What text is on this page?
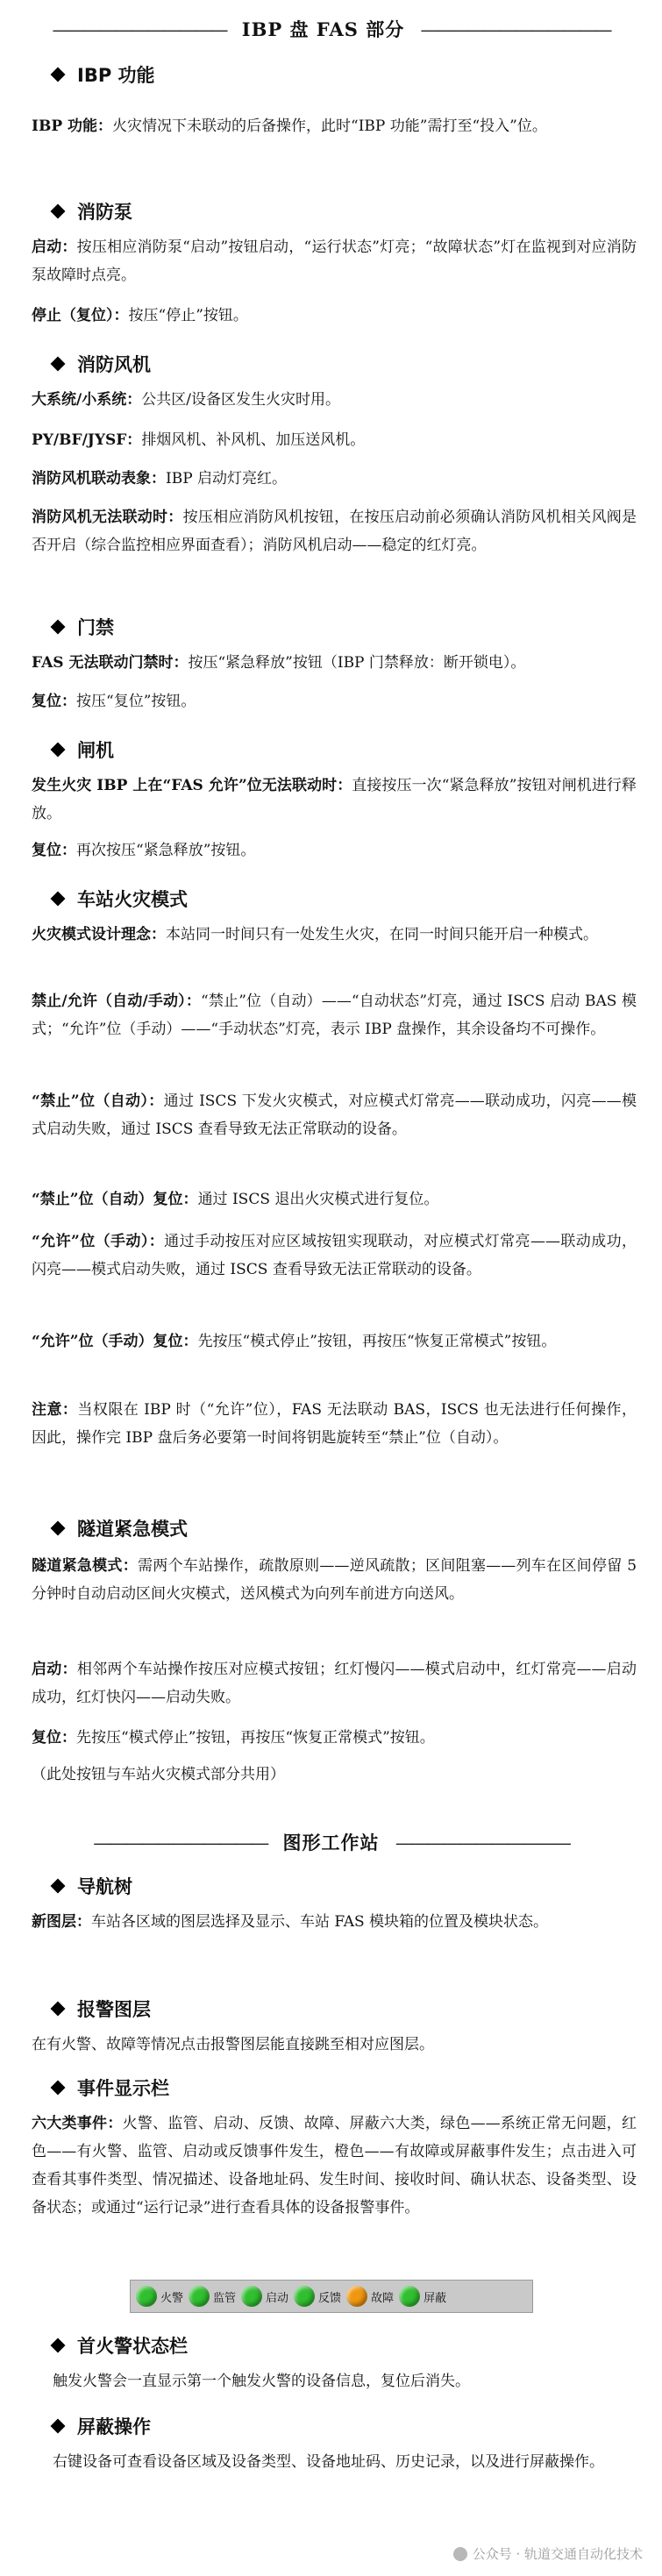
——————————— IBP 盘 FAS 部分 ————————————
IBP 功能
IBP 功能：火灾情况下未联动的后备操作，此时“IBP 功能”需打至“投入”位。
消防泵
启动：按压相应消防泵“启动”按钮启动，“运行状态”灯亮；“故障状态”灯在监视到对应消防泵故障时点亮。
停止（复位）：按压“停止”按钮。
消防风机
大系统/小系统：公共区/设备区发生火灾时用。
PY/BF/JYSF：排烟风机、补风机、加压送风机。
消防风机联动表象：IBP 启动灯亮红。
消防风机无法联动时：按压相应消防风机按钮，在按压启动前必须确认消防风机相关风阀是否开启（综合监控相应界面查看）；消防风机启动——稳定的红灯亮。
门禁
FAS 无法联动门禁时：按压“紧急释放”按钮（IBP 门禁释放：断开锁电）。
复位：按压“复位”按钮。
闸机
发生火灾 IBP 上在“FAS 允许”位无法联动时：直接按压一次“紧急释放”按钮对闸机进行释放。
复位：再次按压“紧急释放”按钮。
车站火灾模式
火灾模式设计理念：本站同一时间只有一处发生火灾，在同一时间只能开启一种模式。
禁止/允许（自动/手动）：“禁止”位（自动）——“自动状态”灯亮，通过 ISCS 启动 BAS 模式；“允许”位（手动）——“手动状态”灯亮，表示 IBP 盘操作，其余设备均不可操作。
“禁止”位（自动）：通过 ISCS 下发火灾模式，对应模式灯常亮——联动成功，闪亮——模式启动失败，通过 ISCS 查看导致无法正常联动的设备。
“禁止”位（自动）复位：通过 ISCS 退出火灾模式进行复位。
“允许”位（手动）：通过手动按压对应区域按钮实现联动，对应模式灯常亮——联动成功，闪亮——模式启动失败，通过 ISCS 查看导致无法正常联动的设备。
“允许”位（手动）复位：先按压“模式停止”按钮，再按压“恢复正常模式”按钮。
注意：当权限在 IBP 时（“允许”位），FAS 无法联动 BAS，ISCS 也无法进行任何操作，因此，操作完 IBP 盘后务必要第一时间将钥匙旋转至“禁止”位（自动）。
隧道紧急模式
隧道紧急模式：需两个车站操作，疏散原则——逆风疏散；区间阻塞——列车在区间停留 5 分钟时自动启动区间火灾模式，送风模式为向列车前进方向送风。
启动：相邻两个车站操作按压对应模式按钮；红灯慢闪——模式启动中，红灯常亮——启动成功，红灯快闪——启动失败。
复位：先按压“模式停止”按钮，再按压“恢复正常模式”按钮。
（此处按钮与车站火灾模式部分共用）
——————————— 图形工作站 ———————————
导航树
新图层：车站各区域的图层选择及显示、车站 FAS 模块箱的位置及模块状态。
报警图层
在有火警、故障等情况点击报警图层能直接跳至相对应图层。
事件显示栏
六大类事件：火警、监管、启动、反馈、故障、屏蔽六大类，绿色——系统正常无问题，红色——有火警、监管、启动或反馈事件发生，橙色——有故障或屏蔽事件发生；点击进入可查看其事件类型、情况描述、设备地址码、发生时间、接收时间、确认状态、设备类型、设备状态；或通过“运行记录”进行查看具体的设备报警事件。
火警	监管	启动	反馈	故障	屏蔽
首火警状态栏
触发火警会一直显示第一个触发火警的设备信息，复位后消失。
屏蔽操作
右键设备可查看设备区域及设备类型、设备地址码、历史记录，以及进行屏蔽操作。
公众号 · 轨道交通自动化技术
